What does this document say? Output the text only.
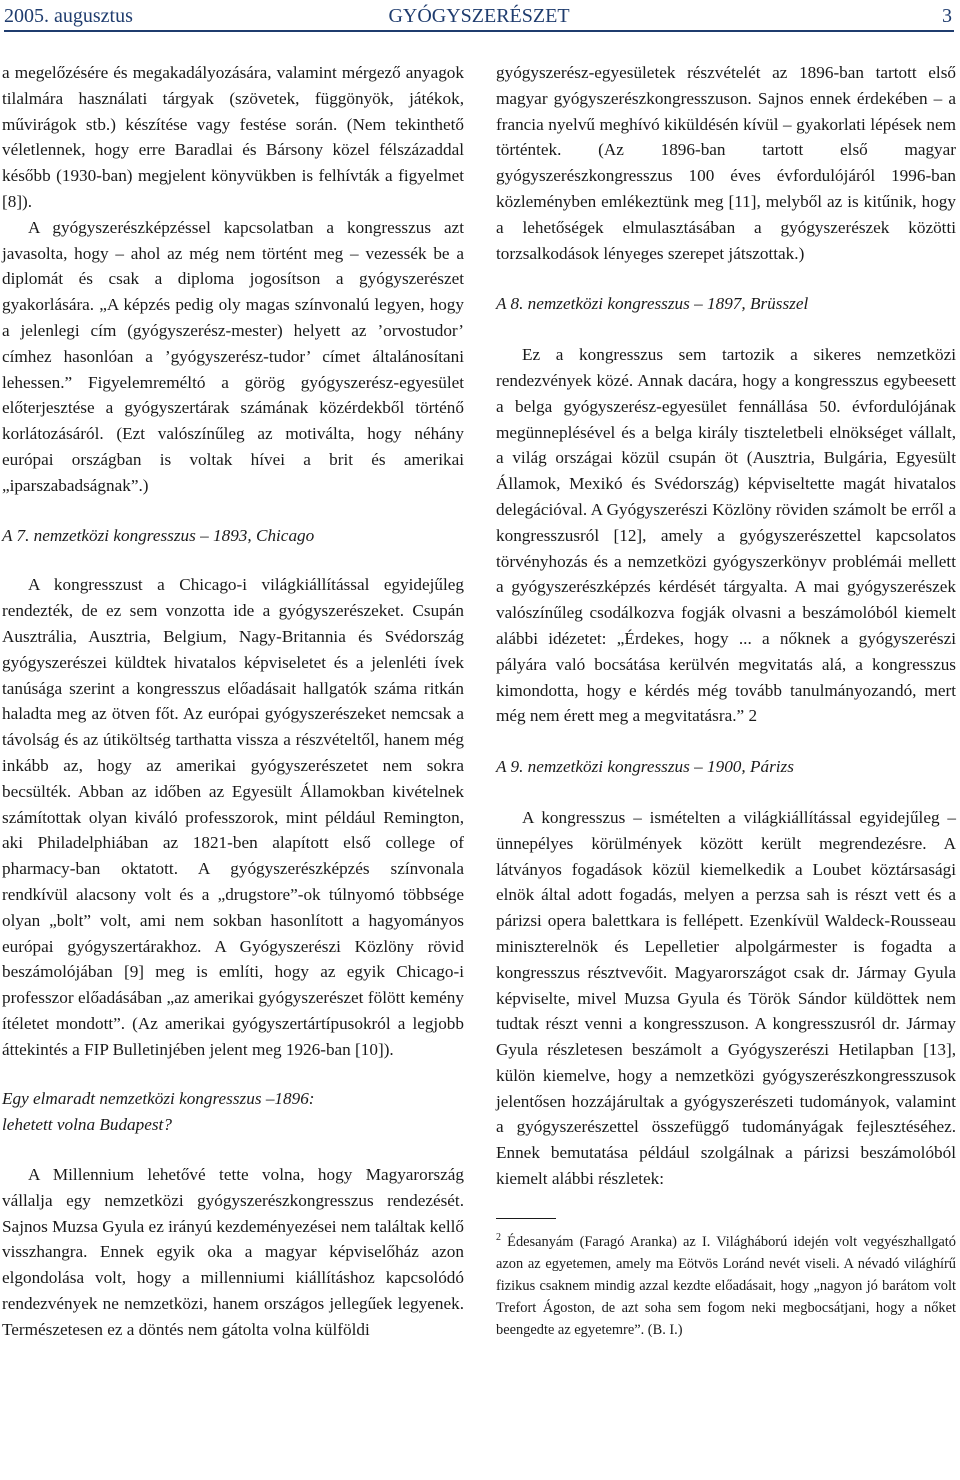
2005. augusztus	GYÓGYSZERÉSZET	3

a megelőzésére és megakadályozására, valamint mérgező anyagok tilalmára használati tárgyak (szövetek, függönyök, játékok, művirágok stb.) készítése vagy festése során. (Nem tekinthető véletlennek, hogy erre Baradlai és Bársony közel félszázaddal később (1930-ban) megjelent könyvükben is felhívták a figyelmet [8]).

A gyógyszerészképzéssel kapcsolatban a kongresszus azt javasolta, hogy – ahol az még nem történt meg – vezessék be a diplomát és csak a diploma jogosítson a gyógyszerészet gyakorlására. „A képzés pedig oly magas színvonalú legyen, hogy a jelenlegi cím (gyógyszerész-mester) helyett az ’orvostudor’ címhez hasonlóan a ’gyógyszerész-tudor’ címet általánosítani lehessen.” Figyelemreméltó a görög gyógyszerész-egyesület előterjesztése a gyógyszertárak számának közérdekből történő korlátozásáról. (Ezt valószínűleg az motiválta, hogy néhány európai országban is voltak hívei a brit és amerikai „iparszabadságnak”.)

A 7. nemzetközi kongresszus – 1893, Chicago

A kongresszust a Chicago-i világkiállítással egyidejűleg rendezték, de ez sem vonzotta ide a gyógyszerészeket. Csupán Ausztrália, Ausztria, Belgium, Nagy-Britannia és Svédország gyógyszerészei küldtek hivatalos képviseletet és a jelenléti ívek tanúsága szerint a kongresszus előadásait hallgatók száma ritkán haladta meg az ötven főt. Az európai gyógyszerészeket nemcsak a távolság és az útiköltség tarthatta vissza a részvételtől, hanem még inkább az, hogy az amerikai gyógyszerészetet nem sokra becsülték. Abban az időben az Egyesült Államokban kivételnek számítottak olyan kiváló professzorok, mint például Remington, aki Philadelphiában az 1821-ben alapított első college of pharmacy-ban oktatott. A gyógyszerészképzés színvonala rendkívül alacsony volt és a „drugstore”-ok túlnyomó többsége olyan „bolt” volt, ami nem sokban hasonlított a hagyományos európai gyógyszertárakhoz. A Gyógyszerészi Közlöny rövid beszámolójában [9] meg is említi, hogy az egyik Chicago-i professzor előadásában „az amerikai gyógyszerészet fölött kemény ítéletet mondott”. (Az amerikai gyógyszertártípusokról a legjobb áttekintés a FIP Bulletinjében jelent meg 1926-ban [10]).

Egy elmaradt nemzetközi kongresszus –1896:

lehetett volna Budapest?

A Millennium lehetővé tette volna, hogy Magyarország vállalja egy nemzetközi gyógyszerészkongresszus rendezését. Sajnos Muzsa Gyula ez irányú kezdeményezései nem találtak kellő visszhangra. Ennek egyik oka a magyar képviselőház azon elgondolása volt, hogy a millenniumi kiállításhoz kapcsolódó rendezvények ne nemzetközi, hanem országos jellegűek legyenek. Természetesen ez a döntés nem gátolta volna külföldi

gyógyszerész-egyesületek részvételét az 1896-ban tartott első magyar gyógyszerészkongresszuson. Sajnos ennek érdekében – a francia nyelvű meghívó kiküldésén kívül – gyakorlati lépések nem történtek. (Az 1896-ban tartott első magyar gyógyszerészkongresszus 100 éves évfordulójáról 1996-ban közleményben emlékeztünk meg [11], melyből az is kitűnik, hogy a lehetőségek elmulasztásában a gyógyszerészek közötti torzsalkodások lényeges szerepet játszottak.)

A 8. nemzetközi kongresszus – 1897, Brüsszel

Ez a kongresszus sem tartozik a sikeres nemzetközi rendezvények közé. Annak dacára, hogy a kongresszus egybeesett a belga gyógyszerész-egyesület fennállása 50. évfordulójának megünneplésével és a belga király tiszteletbeli elnökséget vállalt, a világ országai közül csupán öt (Ausztria, Bulgária, Egyesült Államok, Mexikó és Svédország) képviseltette magát hivatalos delegációval. A Gyógyszerészi Közlöny röviden számolt be erről a kongresszusról [12], amely a gyógyszerészettel kapcsolatos törvényhozás és a nemzetközi gyógyszerkönyv problémái mellett a gyógyszerészképzés kérdését tárgyalta. A mai gyógyszerészek valószínűleg csodálkozva fogják olvasni a beszámolóból kiemelt alábbi idézetet: „Érdekes, hogy ... a nőknek a gyógyszerészi pályára való bocsátása kerülvén megvitatás alá, a kongresszus kimondotta, hogy e kérdés még tovább tanulmányozandó, mert még nem érett meg a megvitatásra.” 2

A 9. nemzetközi kongresszus – 1900, Párizs

A kongresszus – ismételten a világkiállítással egyidejűleg – ünnepélyes körülmények között került megrendezésre. A látványos fogadások közül kiemelkedik a Loubet köztársasági elnök által adott fogadás, melyen a perzsa sah is részt vett és a párizsi opera balettkara is fellépett. Ezenkívül Waldeck-Rousseau miniszterelnök és Lepelletier alpolgármester is fogadta a kongresszus résztvevőit. Magyarországot csak dr. Jármay Gyula képviselte, mivel Muzsa Gyula és Török Sándor küldöttek nem tudtak részt venni a kongresszuson. A kongresszusról dr. Jármay Gyula részletesen beszámolt a Gyógyszerészi Hetilapban [13], külön kiemelve, hogy a nemzetközi gyógyszerészkongresszusok jelentősen hozzájárultak a gyógyszerészeti tudományok, valamint a gyógyszerészettel összefüggő tudományágak fejlesztéséhez. Ennek bemutatása például szolgálnak a párizsi beszámolóból kiemelt alábbi részletek:

$^2$ Édesanyám (Faragó Aranka) az I. Világháború idején volt vegyészhallgató azon az egyetemen, amely ma Eötvös Loránd nevét viseli. A névadó világhírű fizikus csaknem mindig azzal kezdte előadásait, hogy „nagyon jó barátom volt Trefort Ágoston, de azt soha sem fogom neki megbocsátjani, hogy a nőket beengedte az egyetemre”. (B. I.)
